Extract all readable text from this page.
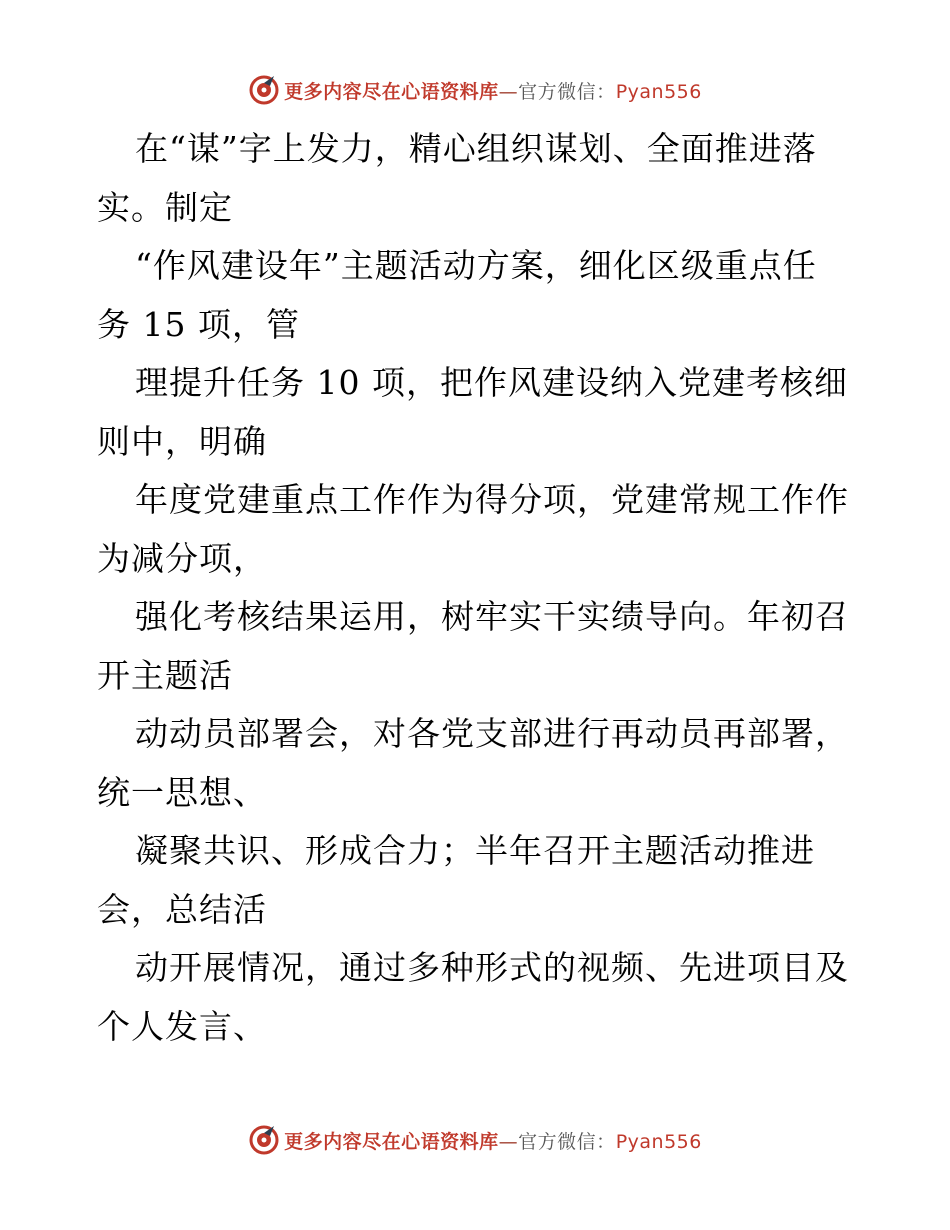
更多内容尽在心语资料库—官方微信：Pyan556
在“谋”字上发力，精心组织谋划、全面推进落
实。制定
“作风建设年”主题活动方案，细化区级重点任
务 15 项，管
理提升任务 10 项，把作风建设纳入党建考核细
则中，明确
年度党建重点工作作为得分项，党建常规工作作
为减分项，
强化考核结果运用，树牢实干实绩导向。年初召
开主题活
动动员部署会，对各党支部进行再动员再部署，
统一思想、
凝聚共识、形成合力；半年召开主题活动推进
会，总结活
动开展情况，通过多种形式的视频、先进项目及
个人发言、
更多内容尽在心语资料库—官方微信：Pyan556
